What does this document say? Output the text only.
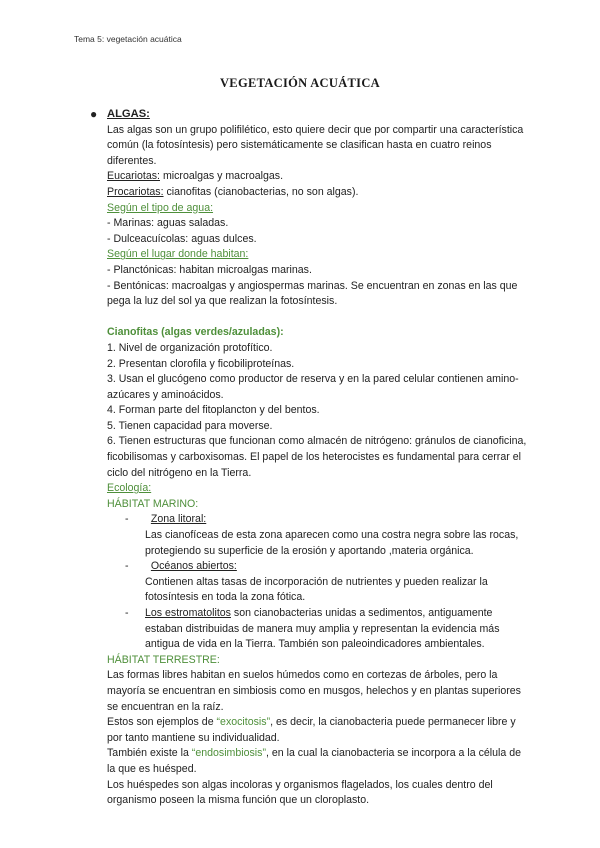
Tema 5: vegetación acuática
VEGETACIÓN ACUÁTICA

● ALGAS:

Las algas son un grupo polifilético, esto quiere decir que por compartir una característica común (la fotosíntesis) pero sistemáticamente se clasifican hasta en cuatro reinos diferentes.

Eucariotas: microalgas y macroalgas.

Procariotas: cianofitas (cianobacterias, no son algas).

Según el tipo de agua:

- Marinas: aguas saladas.

- Dulceacuícolas: aguas dulces.

Según el lugar donde habitan:

- Planctónicas: habitan microalgas marinas.

- Bentónicas: macroalgas y angiospermas marinas. Se encuentran en zonas en las que pega la luz del sol ya que realizan la fotosíntesis.

Cianofitas (algas verdes/azuladas):

1. Nivel de organización protofítico.

2. Presentan clorofila y ficobiliproteínas.

3. Usan el glucógeno como productor de reserva y en la pared celular contienen amino-azúcares y aminoácidos.

4. Forman parte del fitoplancton y del bentos.

5. Tienen capacidad para moverse.

6. Tienen estructuras que funcionan como almacén de nitrógeno: gránulos de cianoficina, ficobilisomas y carboxisomas. El papel de los heterocistes es fundamental para cerrar el ciclo del nitrógeno en la Tierra.

Ecología:

HÁBITAT MARINO:

-	Zona litoral:

Las cianofíceas de esta zona aparecen como una costra negra sobre las rocas, protegiendo su superficie de la erosión y aportando ,materia orgánica.

-	Océanos abiertos:

Contienen altas tasas de incorporación de nutrientes y pueden realizar la fotosíntesis en toda la zona fótica.

- Los estromatolitos son cianobacterias unidas a sedimentos, antiguamente estaban distribuidas de manera muy amplia y representan la evidencia más antigua de vida en la Tierra. También son paleoindicadores ambientales.

HÁBITAT TERRESTRE:

Las formas libres habitan en suelos húmedos como en cortezas de árboles, pero la mayoría se encuentran en simbiosis como en musgos, helechos y en plantas superiores se encuentran en la raíz.

Estos son ejemplos de “exocitosis”, es decir, la cianobacteria puede permanecer libre y por tanto mantiene su individualidad.

También existe la “endosimbiosis”, en la cual la cianobacteria se incorpora a la célula de la que es huésped.

Los huéspedes son algas incoloras y organismos flagelados, los cuales dentro del organismo poseen la misma función que un cloroplasto.
